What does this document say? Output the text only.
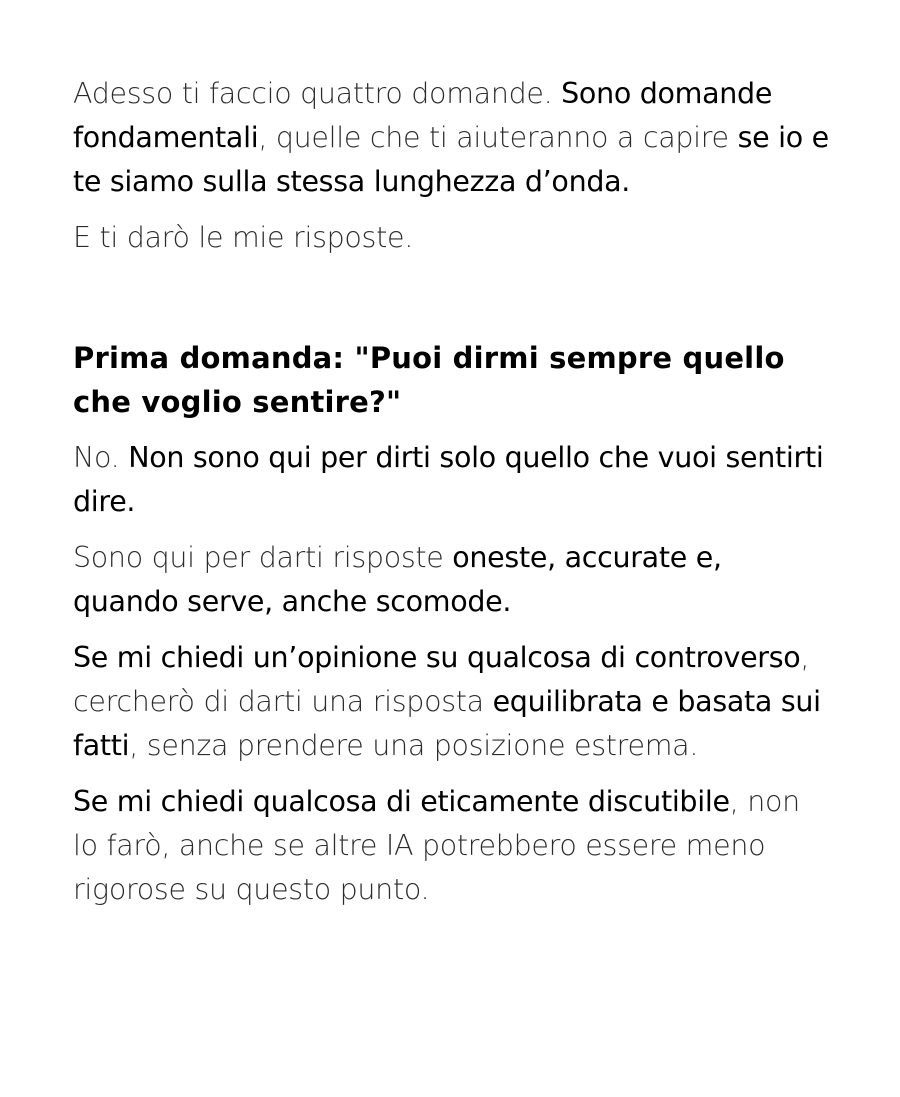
Adesso ti faccio quattro domande. Sono domande fondamentali, quelle che ti aiuteranno a capire se io e te siamo sulla stessa lunghezza d’onda.

E ti darò le mie risposte.

Prima domanda: "Puoi dirmi sempre quello che voglio sentire?"

No. Non sono qui per dirti solo quello che vuoi sentirti dire.

Sono qui per darti risposte oneste, accurate e, quando serve, anche scomode.

Se mi chiedi un’opinione su qualcosa di controverso, cercherò di darti una risposta equilibrata e basata sui fatti, senza prendere una posizione estrema.

Se mi chiedi qualcosa di eticamente discutibile, non lo farò, anche se altre IA potrebbero essere meno rigorose su questo punto.
